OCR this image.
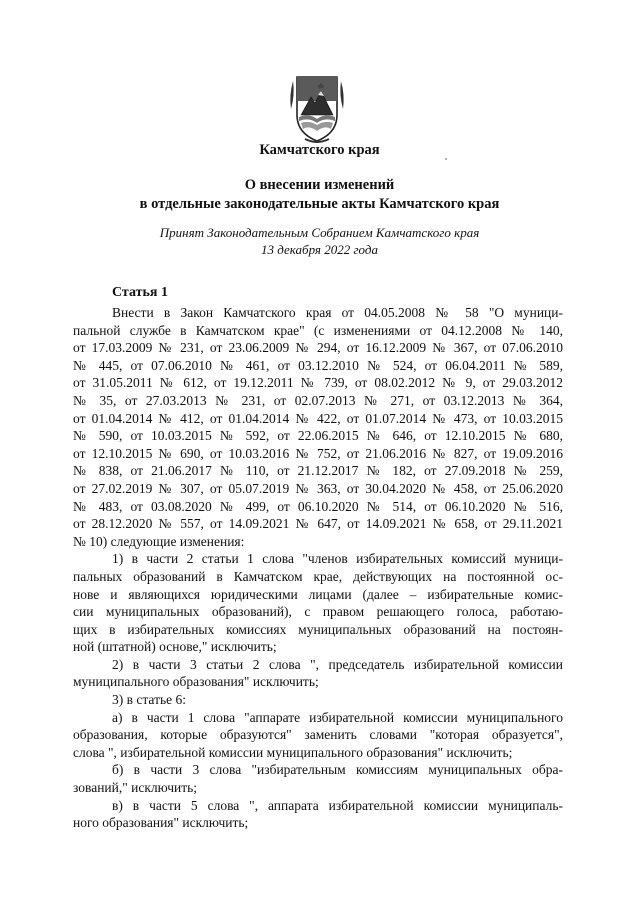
Камчатского края
О внесении изменений
в отдельные законодательные акты Камчатского края
Принят Законодательным Собранием Камчатского края
13 декабря 2022 года
Статья 1

Внести в Закон Камчатского края от 04.05.2008 № 58 "О муници-
пальной службе в Камчатском крае" (с изменениями от 04.12.2008 № 140,
от 17.03.2009 № 231, от 23.06.2009 № 294, от 16.12.2009 № 367, от 07.06.2010
№ 445, от 07.06.2010 № 461, от 03.12.2010 № 524, от 06.04.2011 № 589,
от 31.05.2011 № 612, от 19.12.2011 № 739, от 08.02.2012 № 9, от 29.03.2012
№ 35, от 27.03.2013 № 231, от 02.07.2013 № 271, от 03.12.2013 № 364,
от 01.04.2014 № 412, от 01.04.2014 № 422, от 01.07.2014 № 473, от 10.03.2015
№ 590, от 10.03.2015 № 592, от 22.06.2015 № 646, от 12.10.2015 № 680,
от 12.10.2015 № 690, от 10.03.2016 № 752, от 21.06.2016 № 827, от 19.09.2016
№ 838, от 21.06.2017 № 110, от 21.12.2017 № 182, от 27.09.2018 № 259,
от 27.02.2019 № 307, от 05.07.2019 № 363, от 30.04.2020 № 458, от 25.06.2020
№ 483, от 03.08.2020 № 499, от 06.10.2020 № 514, от 06.10.2020 № 516,
от 28.12.2020 № 557, от 14.09.2021 № 647, от 14.09.2021 № 658, от 29.11.2021
№ 10) следующие изменения:

1) в части 2 статьи 1 слова "членов избирательных комиссий муници-
пальных образований в Камчатском крае, действующих на постоянной ос-
нове и являющихся юридическими лицами (далее – избирательные комис-
сии муниципальных образований), с правом решающего голоса, работаю-
щих в избирательных комиссиях муниципальных образований на постоян-
ной (штатной) основе," исключить;

2) в части 3 статьи 2 слова ", председатель избирательной комиссии
муниципального образования" исключить;

3) в статье 6:

а) в части 1 слова "аппарате избирательной комиссии муниципального
образования, которые образуются" заменить словами "которая образуется",
слова ", избирательной комиссии муниципального образования" исключить;

б) в части 3 слова "избирательным комиссиям муниципальных обра-
зований," исключить;

в) в части 5 слова ", аппарата избирательной комиссии муниципаль-
ного образования" исключить;
